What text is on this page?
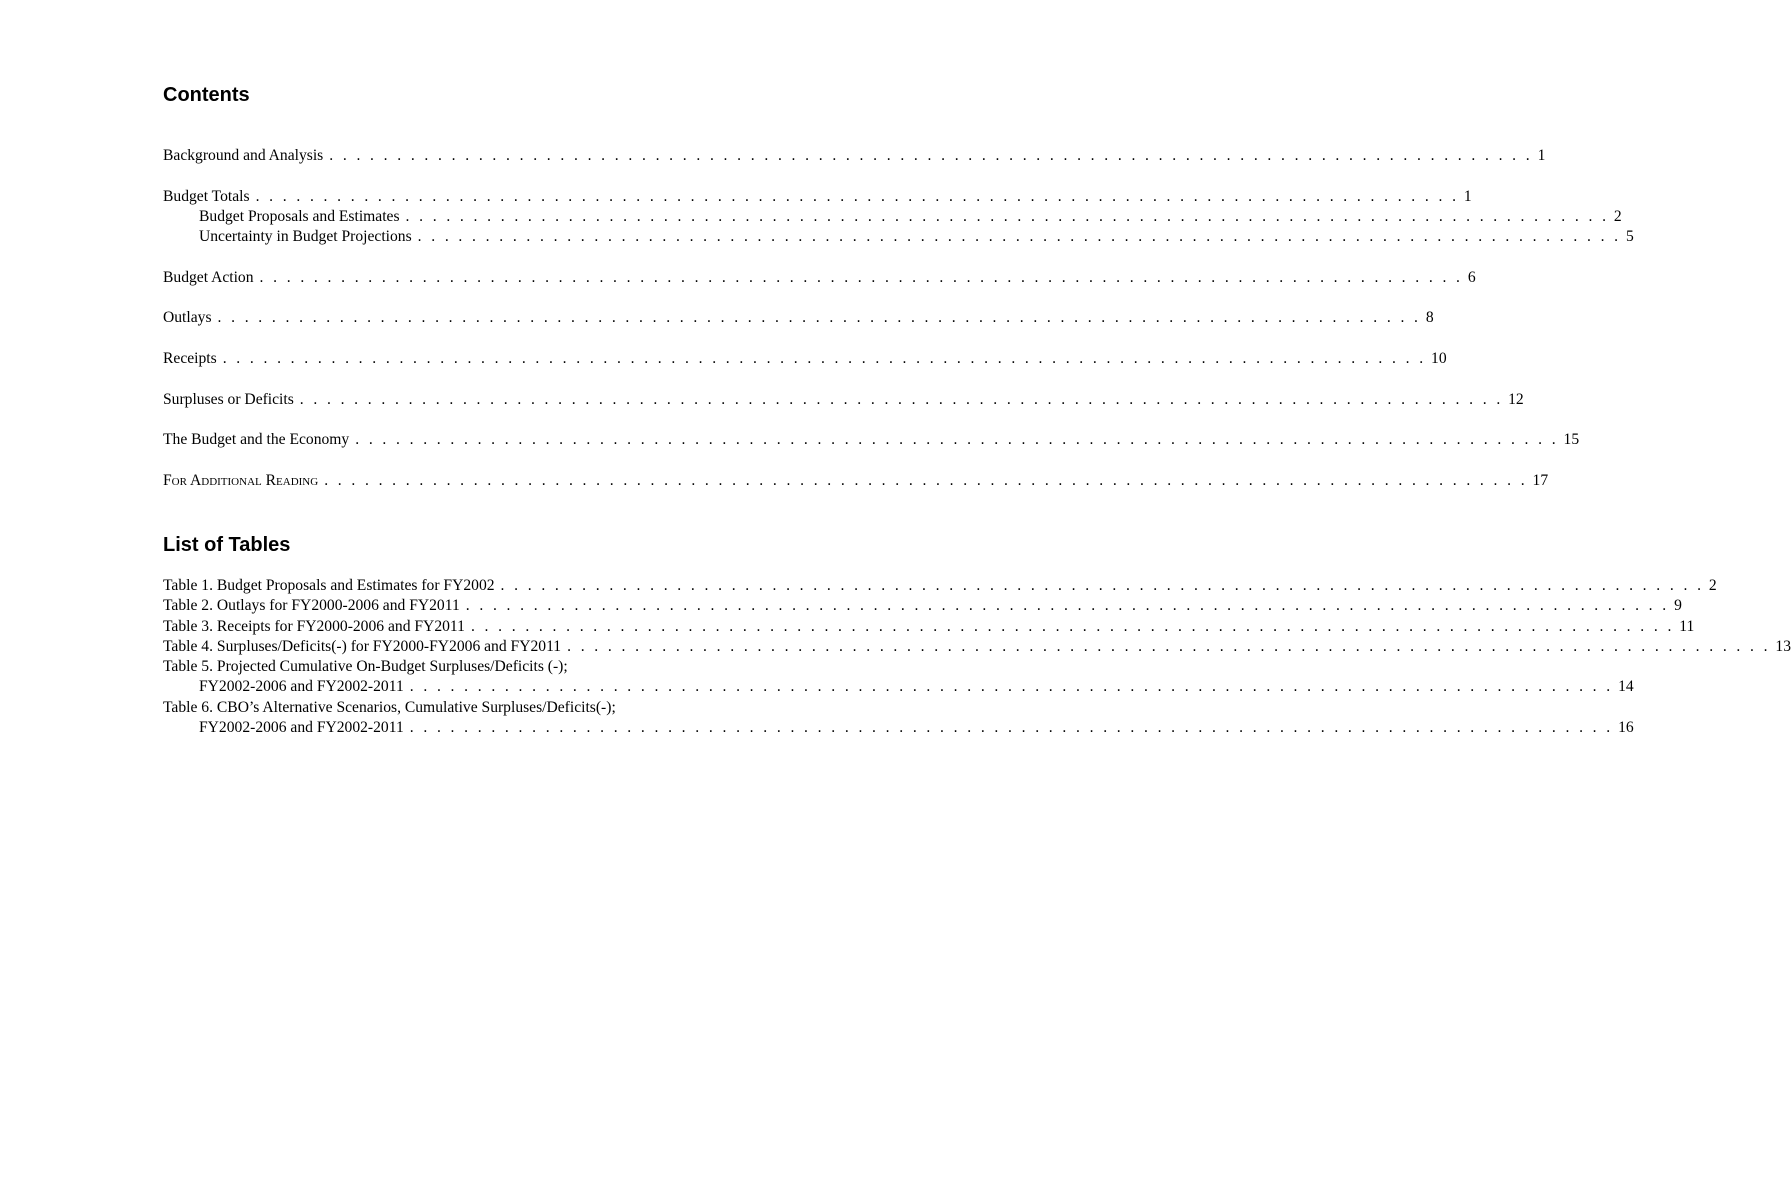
Contents
Background and Analysis . . . . . . . . . . . . . . . . . . . . . . . . . . . . . . . . . . . . . . . . . . . . . . . . . . . . . . . . . . . . . . . . . . . . . . . . . . . . . . . . . . . . . . . . . 1
Budget Totals . . . . . . . . . . . . . . . . . . . . . . . . . . . . . . . . . . . . . . . . . . . . . . . . . . . . . . . . . . . . . . . . . . . . . . . . . . . . . . . . . . . . . . . . . 1
Budget Proposals and Estimates . . . . . . . . . . . . . . . . . . . . . . . . . . . . . . . . . . . . . . . . . . . . . . . . . . . . . . . . . . . . . . . . . . . . . . . . . . . . . . . . . . . . . . . . . 2
Uncertainty in Budget Projections . . . . . . . . . . . . . . . . . . . . . . . . . . . . . . . . . . . . . . . . . . . . . . . . . . . . . . . . . . . . . . . . . . . . . . . . . . . . . . . . . . . . . . . . . 5
Budget Action . . . . . . . . . . . . . . . . . . . . . . . . . . . . . . . . . . . . . . . . . . . . . . . . . . . . . . . . . . . . . . . . . . . . . . . . . . . . . . . . . . . . . . . . . 6
Outlays . . . . . . . . . . . . . . . . . . . . . . . . . . . . . . . . . . . . . . . . . . . . . . . . . . . . . . . . . . . . . . . . . . . . . . . . . . . . . . . . . . . . . . . . . 8
Receipts . . . . . . . . . . . . . . . . . . . . . . . . . . . . . . . . . . . . . . . . . . . . . . . . . . . . . . . . . . . . . . . . . . . . . . . . . . . . . . . . . . . . . . . . . 10
Surpluses or Deficits . . . . . . . . . . . . . . . . . . . . . . . . . . . . . . . . . . . . . . . . . . . . . . . . . . . . . . . . . . . . . . . . . . . . . . . . . . . . . . . . . . . . . . . . . 12
The Budget and the Economy . . . . . . . . . . . . . . . . . . . . . . . . . . . . . . . . . . . . . . . . . . . . . . . . . . . . . . . . . . . . . . . . . . . . . . . . . . . . . . . . . . . . . . . . . 15
For Additional Reading . . . . . . . . . . . . . . . . . . . . . . . . . . . . . . . . . . . . . . . . . . . . . . . . . . . . . . . . . . . . . . . . . . . . . . . . . . . . . . . . . . . . . . . . . 17
List of Tables
Table 1. Budget Proposals and Estimates for FY2002 . . . . . . . . . . . . . . . . . . . . . . . . . . . . . . . . . . . . . . . . . . . . . . . . . . . . . . . . . . . . . . . . . . . . . . . . . . . . . . . . . . . . . . . . . 2
Table 2. Outlays for FY2000-2006 and FY2011 . . . . . . . . . . . . . . . . . . . . . . . . . . . . . . . . . . . . . . . . . . . . . . . . . . . . . . . . . . . . . . . . . . . . . . . . . . . . . . . . . . . . . . . . . 9
Table 3. Receipts for FY2000-2006 and FY2011 . . . . . . . . . . . . . . . . . . . . . . . . . . . . . . . . . . . . . . . . . . . . . . . . . . . . . . . . . . . . . . . . . . . . . . . . . . . . . . . . . . . . . . . . . 11
Table 4. Surpluses/Deficits(-) for FY2000-FY2006 and FY2011 . . . . . . . . . . . . . . . . . . . . . . . . . . . . . . . . . . . . . . . . . . . . . . . . . . . . . . . . . . . . . . . . . . . . . . . . . . . . . . . . . . . . . . . . . 13
Table 5. Projected Cumulative On-Budget Surpluses/Deficits (-);
FY2002-2006 and FY2002-2011 . . . . . . . . . . . . . . . . . . . . . . . . . . . . . . . . . . . . . . . . . . . . . . . . . . . . . . . . . . . . . . . . . . . . . . . . . . . . . . . . . . . . . . . . . 14
Table 6. CBO’s Alternative Scenarios, Cumulative Surpluses/Deficits(-);
FY2002-2006 and FY2002-2011 . . . . . . . . . . . . . . . . . . . . . . . . . . . . . . . . . . . . . . . . . . . . . . . . . . . . . . . . . . . . . . . . . . . . . . . . . . . . . . . . . . . . . . . . . 16
